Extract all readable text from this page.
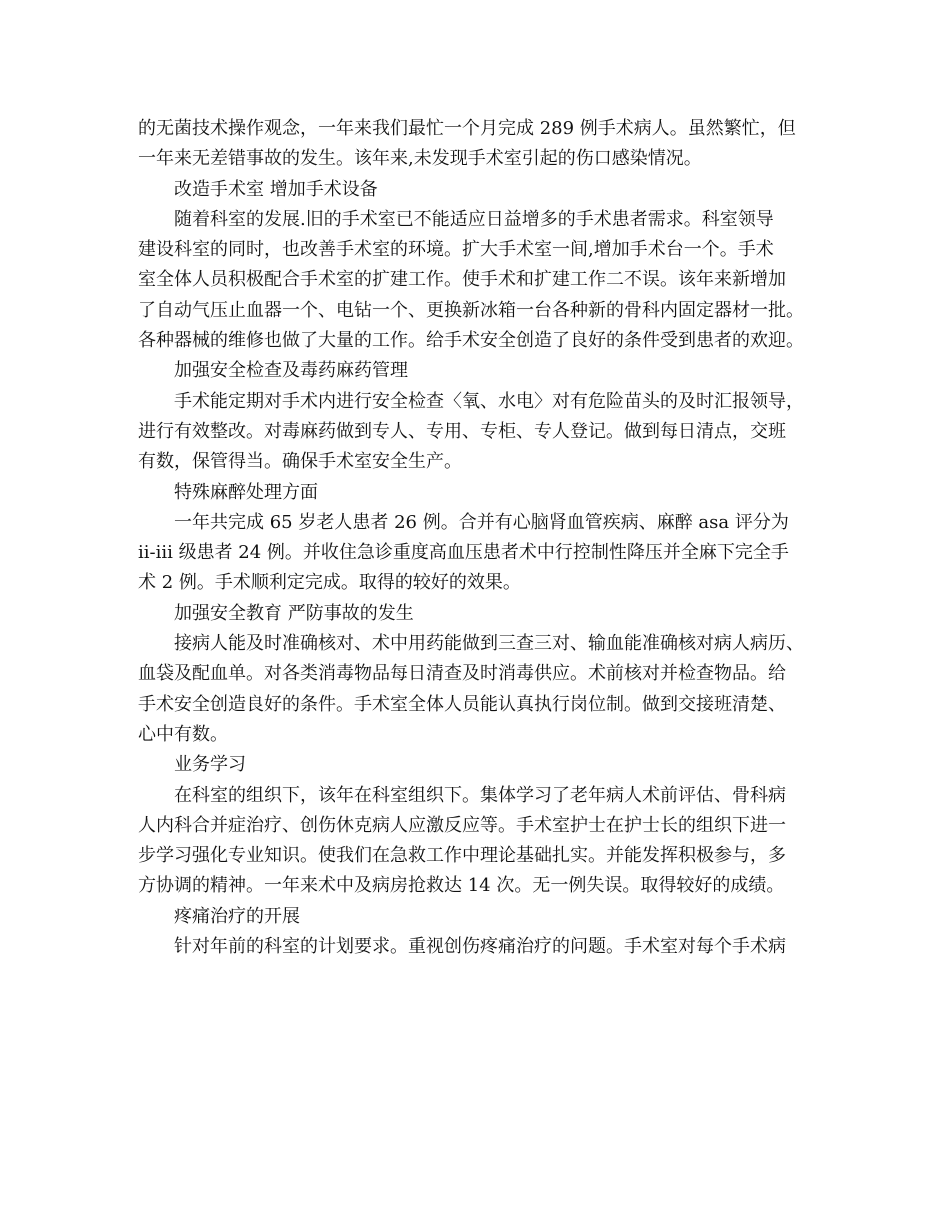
的无菌技术操作观念，一年来我们最忙一个月完成 289 例手术病人。虽然繁忙，但
一年来无差错事故的发生。该年来,未发现手术室引起的伤口感染情况。
改造手术室 增加手术设备
随着科室的发展.旧的手术室已不能适应日益增多的手术患者需求。科室领导
建设科室的同时，也改善手术室的环境。扩大手术室一间,增加手术台一个。手术
室全体人员积极配合手术室的扩建工作。使手术和扩建工作二不误。该年来新增加
了自动气压止血器一个、电钻一个、更换新冰箱一台各种新的骨科内固定器材一批。
各种器械的维修也做了大量的工作。给手术安全创造了良好的条件受到患者的欢迎。
加强安全检查及毒药麻药管理
手术能定期对手术内进行安全检查〈氧、水电〉对有危险苗头的及时汇报领导，
进行有效整改。对毒麻药做到专人、专用、专柜、专人登记。做到每日清点，交班
有数，保管得当。确保手术室安全生产。
特殊麻醉处理方面
一年共完成 65 岁老人患者 26 例。合并有心脑肾血管疾病、麻醉 asa 评分为
ⅱ-ⅲ 级患者 24 例。并收住急诊重度高血压患者术中行控制性降压并全麻下完全手
术 2 例。手术顺利定完成。取得的较好的效果。
加强安全教育 严防事故的发生
接病人能及时准确核对、术中用药能做到三查三对、输血能准确核对病人病历、
血袋及配血单。对各类消毒物品每日清查及时消毒供应。术前核对并检查物品。给
手术安全创造良好的条件。手术室全体人员能认真执行岗位制。做到交接班清楚、
心中有数。
业务学习
在科室的组织下，该年在科室组织下。集体学习了老年病人术前评估、骨科病
人内科合并症治疗、创伤休克病人应激反应等。手术室护士在护士长的组织下进一
步学习强化专业知识。使我们在急救工作中理论基础扎实。并能发挥积极参与，多
方协调的精神。一年来术中及病房抢救达 14 次。无一例失误。取得较好的成绩。
疼痛治疗的开展
针对年前的科室的计划要求。重视创伤疼痛治疗的问题。手术室对每个手术病
